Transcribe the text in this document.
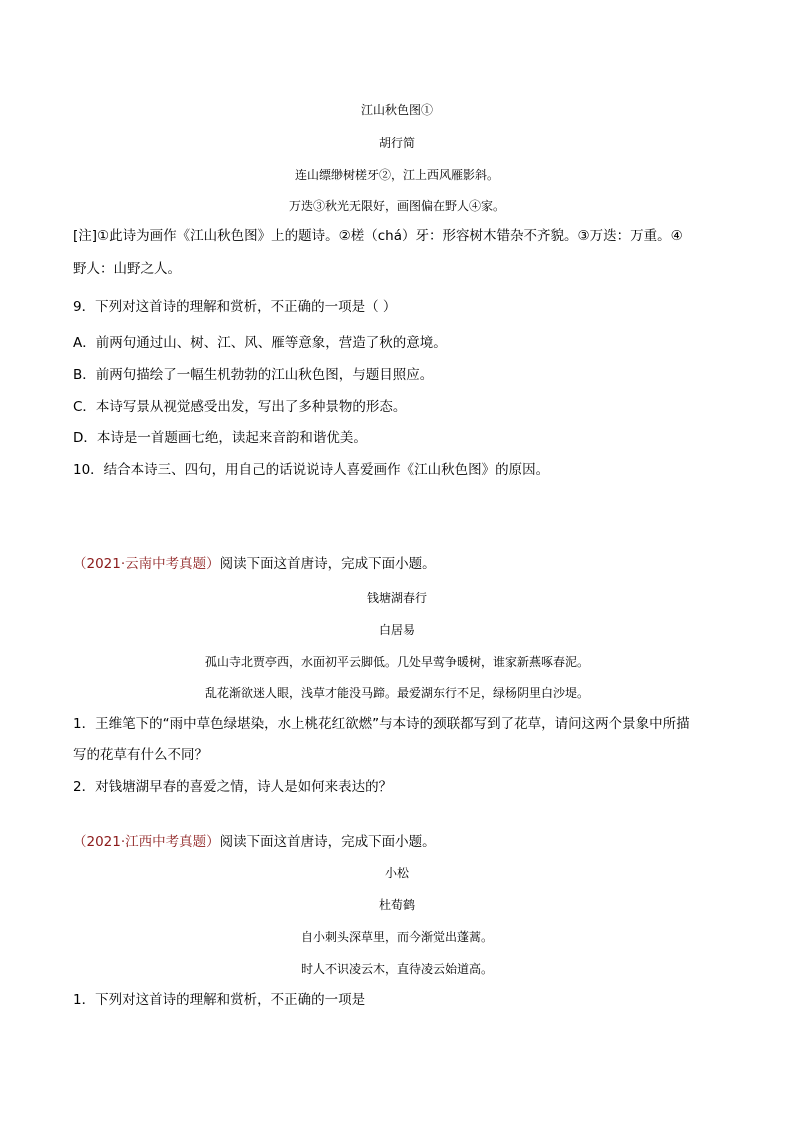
江山秋色图①
胡行简
连山缥缈树槎牙②，江上西风雁影斜。
万迭③秋光无限好，画图偏在野人④家。
[注]①此诗为画作《江山秋色图》上的题诗。②槎（chá）牙：形容树木错杂不齐貌。③万迭：万重。④
野人：山野之人。
9．下列对这首诗的理解和赏析，不正确的一项是（ ）
A．前两句通过山、树、江、风、雁等意象，营造了秋的意境。
B．前两句描绘了一幅生机勃勃的江山秋色图，与题目照应。
C．本诗写景从视觉感受出发，写出了多种景物的形态。
D．本诗是一首题画七绝，读起来音韵和谐优美。
10．结合本诗三、四句，用自己的话说说诗人喜爱画作《江山秋色图》的原因。
（2021·云南中考真题）阅读下面这首唐诗，完成下面小题。
钱塘湖春行
白居易
孤山寺北贾亭西，水面初平云脚低。几处早莺争暖树，谁家新燕啄春泥。
乱花渐欲迷人眼，浅草才能没马蹄。最爱湖东行不足，绿杨阴里白沙堤。
1．王维笔下的“雨中草色绿堪染，水上桃花红欲燃”与本诗的颈联都写到了花草，请问这两个景象中所描
写的花草有什么不同？
2．对钱塘湖早春的喜爱之情，诗人是如何来表达的？
（2021·江西中考真题）阅读下面这首唐诗，完成下面小题。
小松
杜荀鹤
自小刺头深草里，而今渐觉出蓬蒿。
时人不识凌云木，直待凌云始道高。
1．下列对这首诗的理解和赏析，不正确的一项是
